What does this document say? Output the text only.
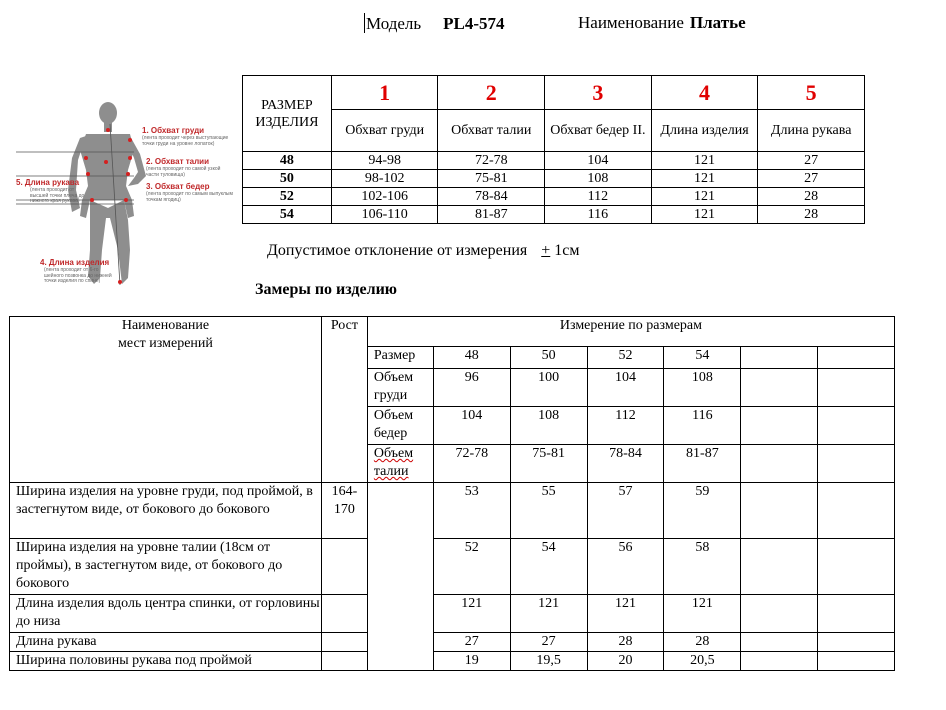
Модель PL4-574	Наименование Платье
1. Обхват груди
(лента проходит через выступающие
точки груди на уровне лопаток)
2. Обхват талии
(лента проходит по самой узкой
части туловища)
3. Обхват бедер
(лента проходит по самым выпуклым
точкам ягодиц)
5. Длина рукава
(лента проходит от
высшей точки плеча до
нижнего края рукава)
4. Длина изделия
(лента проходит от 6-го
шейного позвонка до нижней
точки изделия по спине)
РАЗМЕР ИЗДЕЛИЯ	1	2	3	4	5
	Обхват груди	Обхват талии	Обхват бедер II.	Длина изделия	Длина рукава
48	94-98	72-78	104	121	27
50	98-102	75-81	108	121	27
52	102-106	78-84	112	121	28
54	106-110	81-87	116	121	28
Допустимое отклонение от измерения + 1см
Замеры по изделию
Наименование мест измерений	Рост	Измерение по размерам						
		Размер	48	50	52	54		
		Объем груди	96	100	104	108		
		Объем бедер	104	108	112	116		
		Объем талии	72-78	75-81	78-84	81-87		
Ширина изделия на уровне груди, под проймой, в застегнутом виде, от бокового до бокового	164-170		53	55	57	59		
Ширина изделия на уровне талии (18см от проймы), в застегнутом виде, от бокового до бокового			52	54	56	58		
Длина изделия вдоль центра спинки, от горловины до низа			121	121	121	121		
Длина рукава			27	27	28	28		
Ширина половины рукава под проймой			19	19,5	20	20,5		
